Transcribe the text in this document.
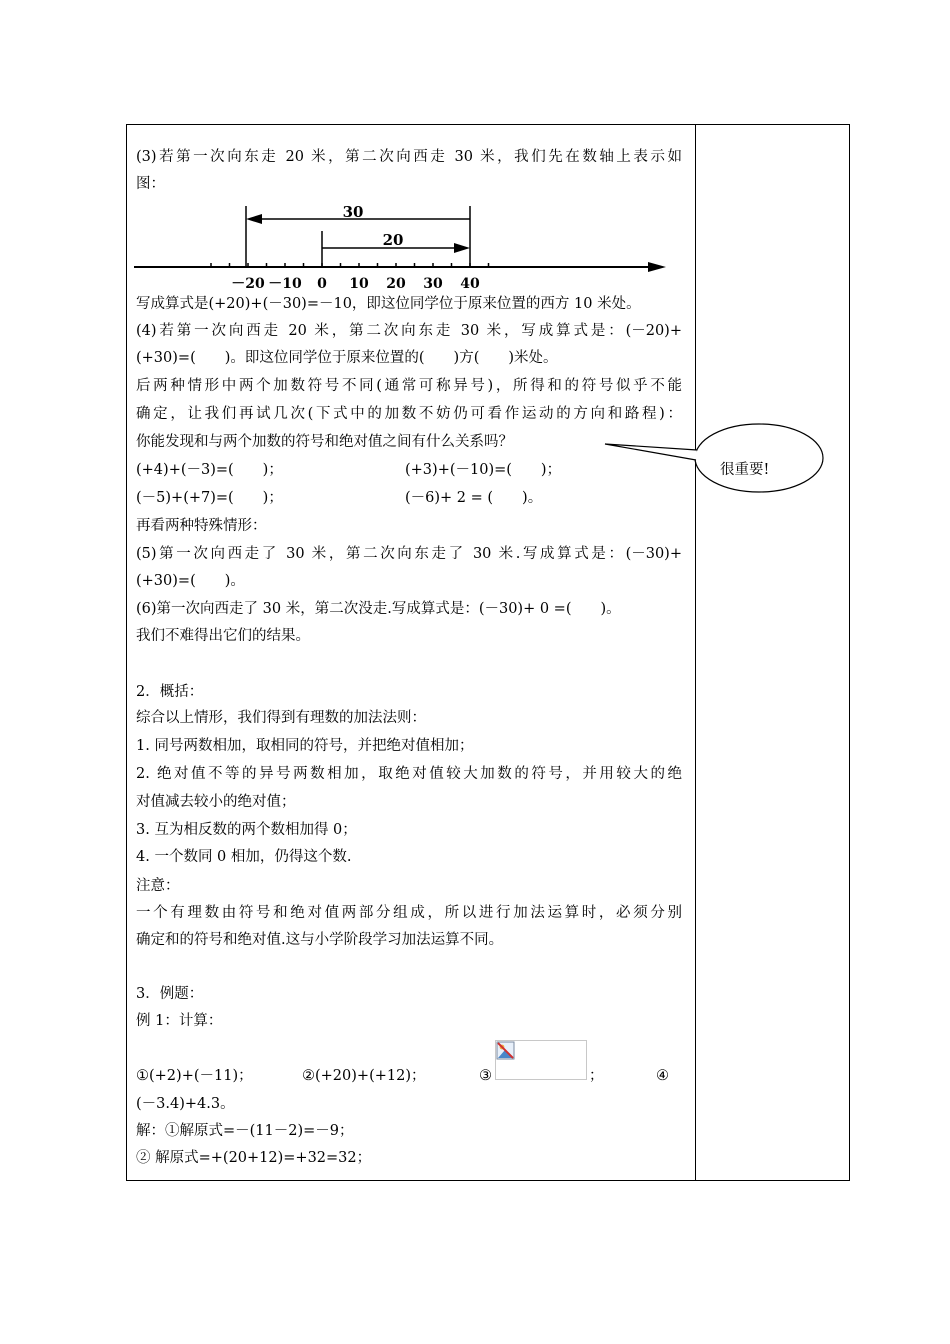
(3)若第一次向东走 20 米，第二次向西走 30 米，我们先在数轴上表示如
图：
－20 －10 0 10 20 30 40
30
20
写成算式是(+20)+(－30)=－10，即这位同学位于原来位置的西方 10 米处。
(4)若第一次向西走 20 米，第二次向东走 30 米，写成算式是：(－20)+
(+30)=(　　)。即这位同学位于原来位置的(　　)方(　　)米处。
后两种情形中两个加数符号不同(通常可称异号)，所得和的符号似乎不能
确定，让我们再试几次(下式中的加数不妨仍可看作运动的方向和路程)：
你能发现和与两个加数的符号和绝对值之间有什么关系吗？
(+4)+(－3)=(　　)；	(+3)+(－10)=(　　)；
(－5)+(+7)=(　　)；	(－6)+ 2 = (　　)。
再看两种特殊情形：
(5)第一次向西走了 30 米，第二次向东走了 30 米.写成算式是：(－30)+
(+30)=(　　)。
(6)第一次向西走了 30 米，第二次没走.写成算式是：(－30)+ 0 =(　　)。
我们不难得出它们的结果。
2．概括：
综合以上情形，我们得到有理数的加法法则：
1. 同号两数相加，取相同的符号，并把绝对值相加；
2. 绝对值不等的异号两数相加，取绝对值较大加数的符号，并用较大的绝
对值减去较小的绝对值；
3. 互为相反数的两个数相加得 0；
4. 一个数同 0 相加，仍得这个数.
注意：
一个有理数由符号和绝对值两部分组成，所以进行加法运算时，必须分别
确定和的符号和绝对值.这与小学阶段学习加法运算不同。
3．例题：
例 1：计算：
①(+2)+(－11)；	②(+20)+(+12)；	③	；	④
(－3.4)+4.3。
解：①解原式=－(11－2)=－9；
② 解原式=+(20+12)=+32=32；
很重要!
